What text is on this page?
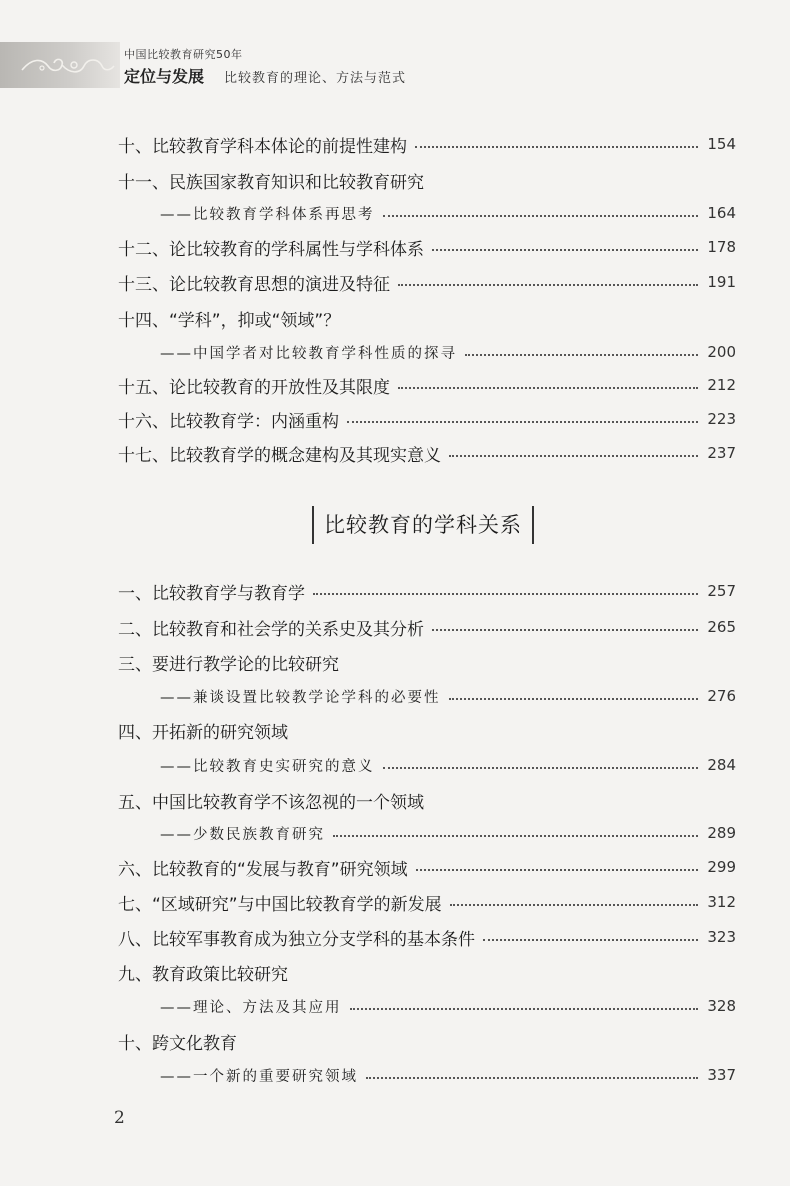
中国比较教育研究50年
定位与发展 比较教育的理论、方法与范式
十、比较教育学科本体论的前提性建构	154
十一、民族国家教育知识和比较教育研究
——比较教育学科体系再思考	164
十二、论比较教育的学科属性与学科体系	178
十三、论比较教育思想的演进及特征	191
十四、“学科”，抑或“领域”？
——中国学者对比较教育学科性质的探寻	200
十五、论比较教育的开放性及其限度	212
十六、比较教育学：内涵重构	223
十七、比较教育学的概念建构及其现实意义	237
比较教育的学科关系
一、比较教育学与教育学	257
二、比较教育和社会学的关系史及其分析	265
三、要进行教学论的比较研究
——兼谈设置比较教学论学科的必要性	276
四、开拓新的研究领域
——比较教育史实研究的意义	284
五、中国比较教育学不该忽视的一个领域
——少数民族教育研究	289
六、比较教育的“发展与教育”研究领域	299
七、“区域研究”与中国比较教育学的新发展	312
八、比较军事教育成为独立分支学科的基本条件	323
九、教育政策比较研究
——理论、方法及其应用	328
十、跨文化教育
——一个新的重要研究领域	337
2
